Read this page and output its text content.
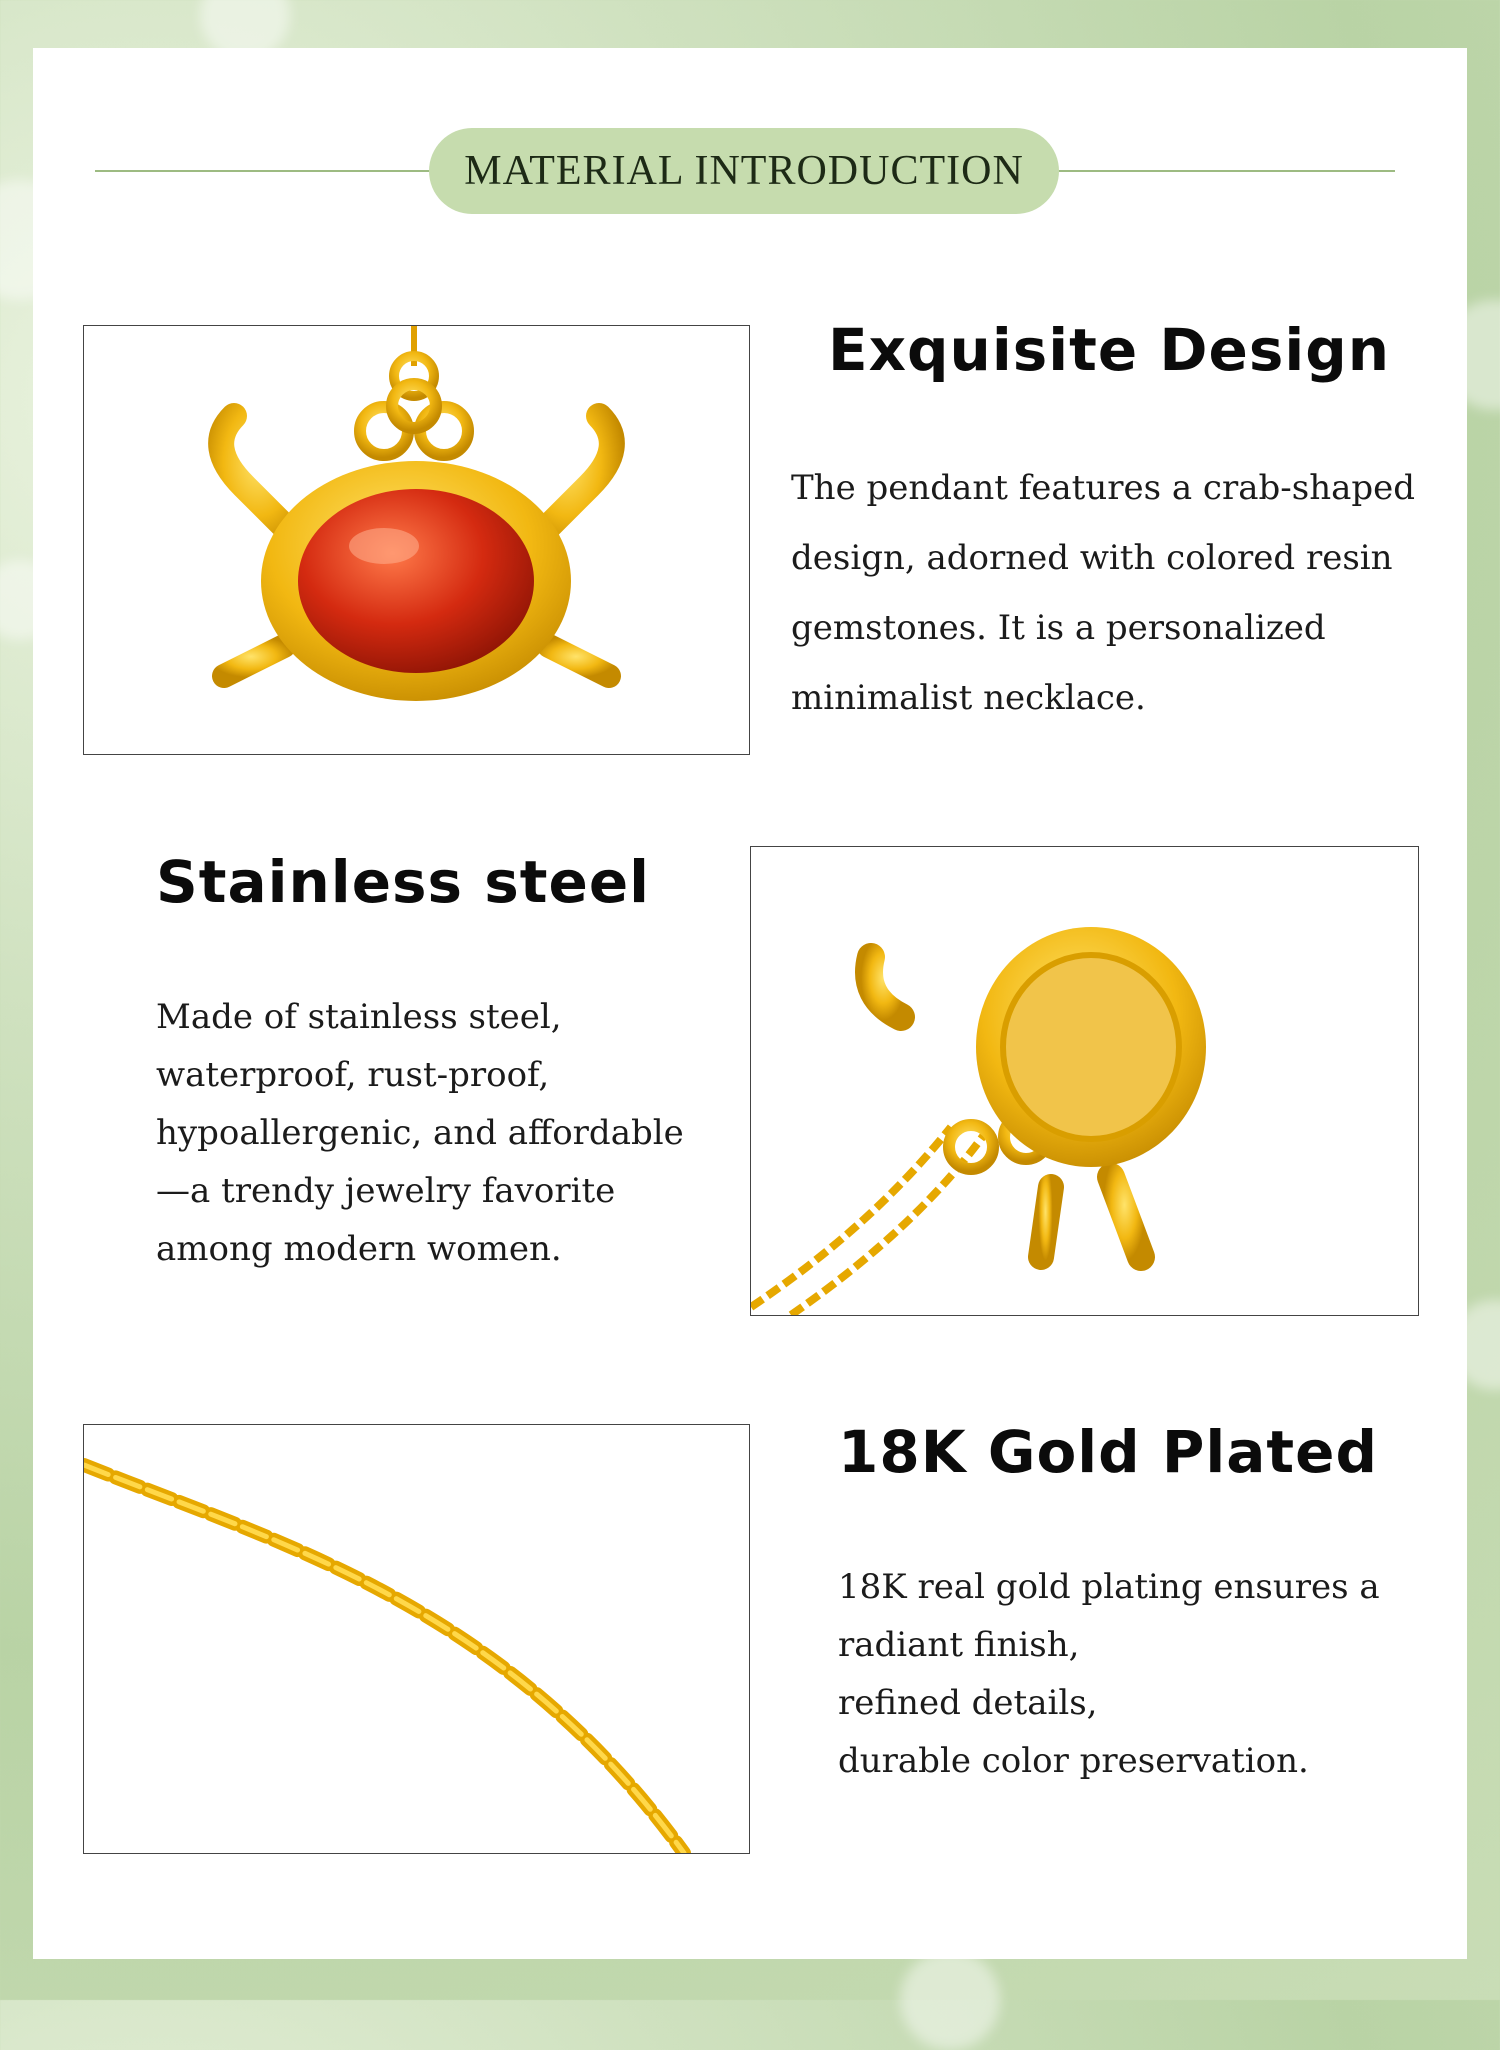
MATERIAL INTRODUCTION
Exquisite Design

The pendant features a crab-shaped
design, adorned with colored resin
gemstones. It is a personalized
minimalist necklace.

Stainless steel

Made of stainless steel,
waterproof, rust-proof,
hypoallergenic, and affordable
—a trendy jewelry favorite
among modern women.

18K Gold Plated

18K real gold plating ensures a
radiant finish,
refined details,
durable color preservation.
